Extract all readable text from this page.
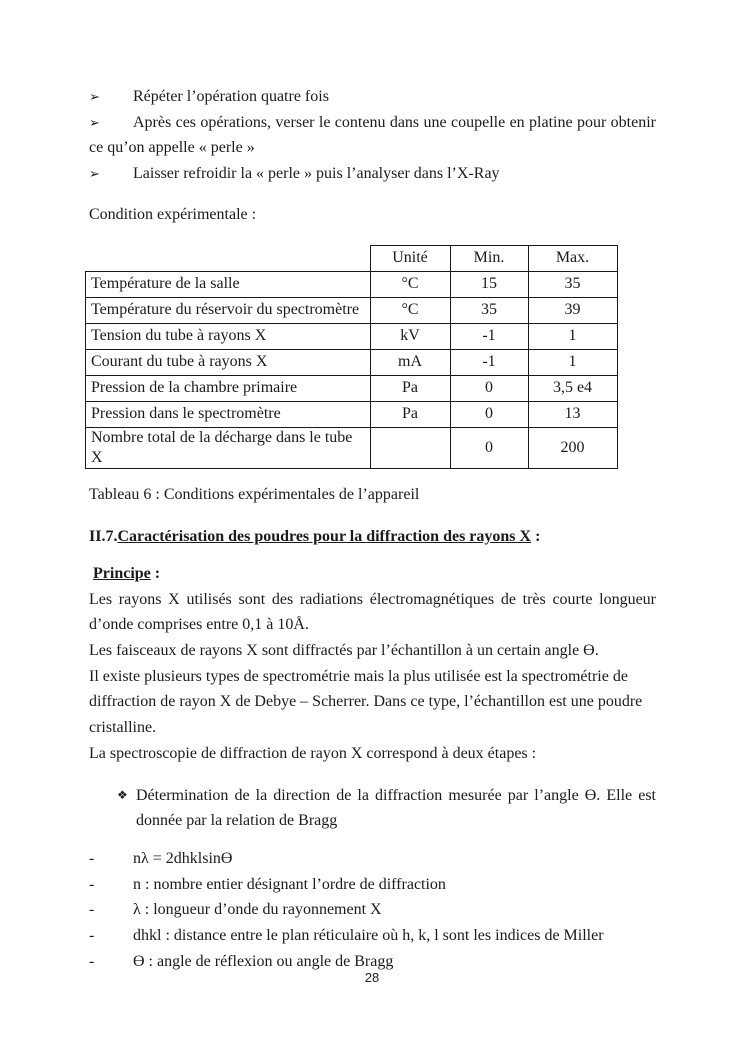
➢ Répéter l’opération quatre fois

➢ Après ces opérations, verser le contenu dans une coupelle en platine pour obtenir ce qu’on appelle « perle »

➢ Laisser refroidir la « perle » puis l’analyser dans l’X-Ray

Condition expérimentale :

	Unité	Min.	Max.
Température de la salle	°C	15	35
Température du réservoir du spectromètre	°C	35	39
Tension du tube à rayons X	kV	-1	1
Courant du tube à rayons X	mA	-1	1
Pression de la chambre primaire	Pa	0	3,5 e4
Pression dans le spectromètre	Pa	0	13
Nombre total de la décharge dans le tube X		0	200

Tableau 6 : Conditions expérimentales de l’appareil

II.7.Caractérisation des poudres pour la diffraction des rayons X :

Principe :

Les rayons X utilisés sont des radiations électromagnétiques de très courte longueur d’onde comprises entre 0,1 à 10Å.

Les faisceaux de rayons X sont diffractés par l’échantillon à un certain angle Ɵ.

Il existe plusieurs types de spectrométrie mais la plus utilisée est la spectrométrie de diffraction de rayon X de Debye – Scherrer. Dans ce type, l’échantillon est une poudre cristalline.

La spectroscopie de diffraction de rayon X correspond à deux étapes :

❖ Détermination de la direction de la diffraction mesurée par l’angle Ɵ. Elle est donnée par la relation de Bragg

- nλ = 2dhklsinƟ

- n : nombre entier désignant l’ordre de diffraction

- λ : longueur d’onde du rayonnement X

- dhkl : distance entre le plan réticulaire où h, k, l sont les indices de Miller

- Ɵ : angle de réflexion ou angle de Bragg

28
